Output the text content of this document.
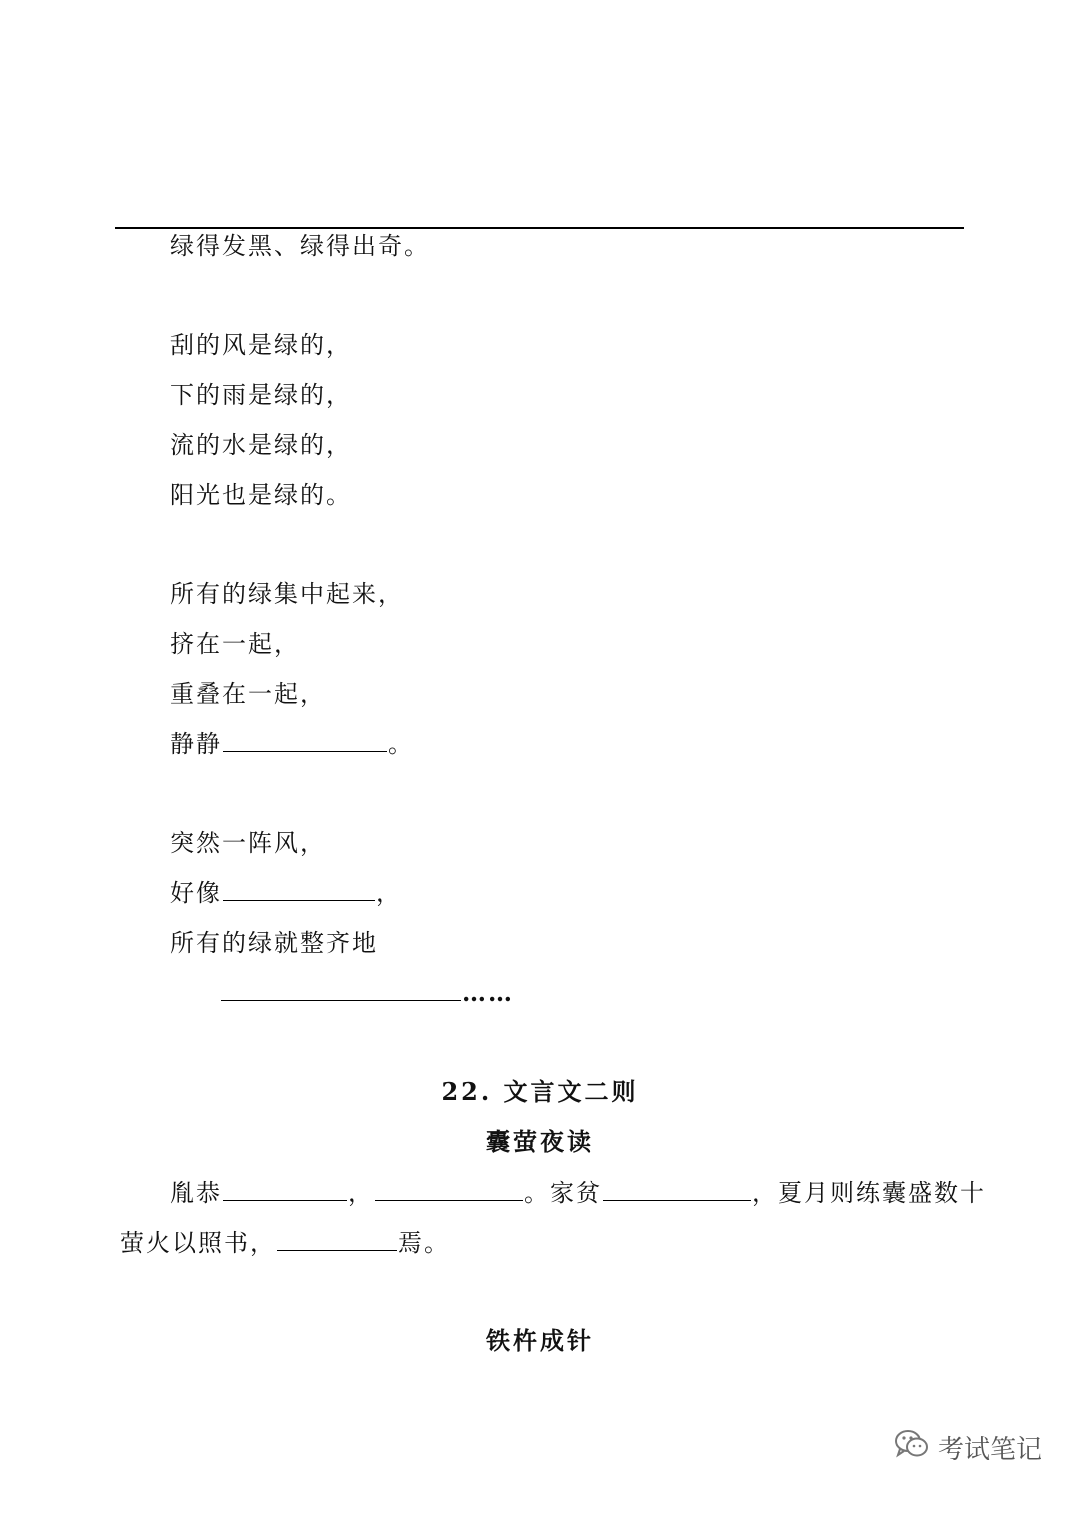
绿得发黑、绿得出奇。
刮的风是绿的，
下的雨是绿的，
流的水是绿的，
阳光也是绿的。
所有的绿集中起来，
挤在一起，
重叠在一起，
静静	。
突然一阵风，
好像	，
所有的绿就整齐地
……
22. 文言文二则
囊萤夜读
胤恭	，	。家贫	，夏月则练囊盛数十
萤火以照书，	焉。
铁杵成针
考试笔记
